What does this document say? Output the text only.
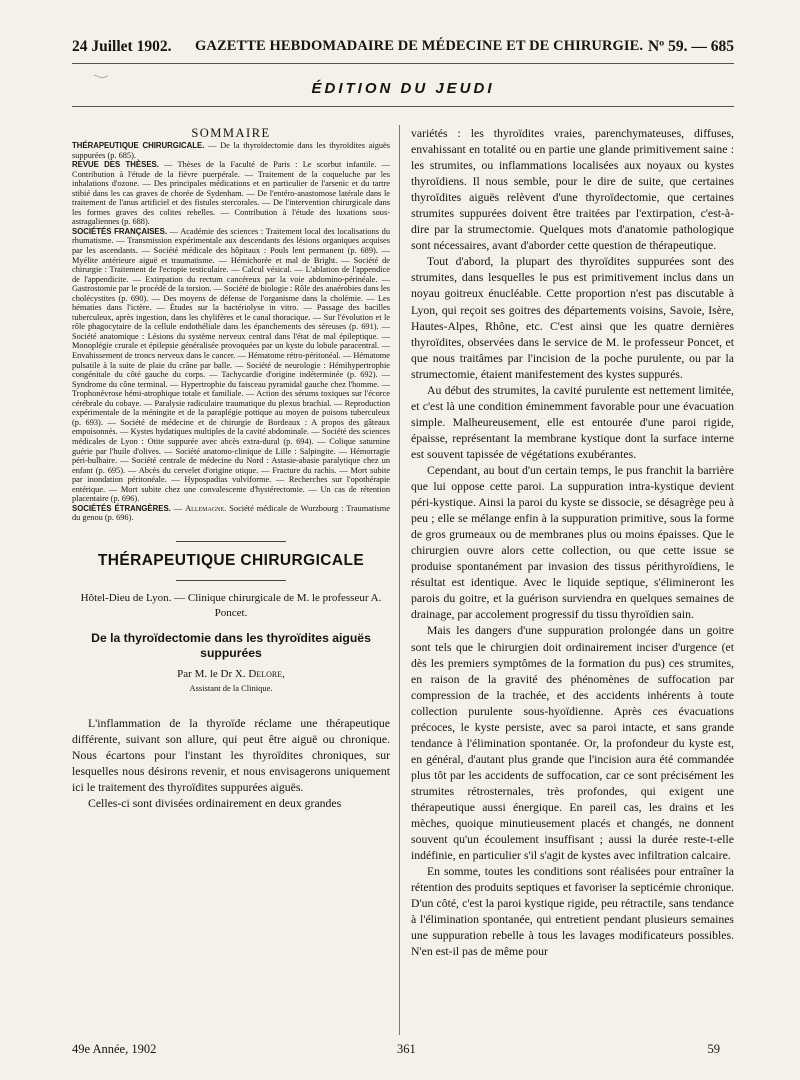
24 Juillet 1902. GAZETTE HEBDOMADAIRE DE MÉDECINE ET DE CHIRURGIE. Nº 59. — 685
ÉDITION DU JEUDI
SOMMAIRE

THÉRAPEUTIQUE CHIRURGICALE. — De la thyroïdectomie dans les thyroïdites aiguës suppurées (p. 685).

REVUE DES THÈSES. — Thèses de la Faculté de Paris : Le scorbut infantile. — Contribution à l'étude de la fièvre puerpérale. — Traitement de la coqueluche par les inhalations d'ozone. — Des principales médications et en particulier de l'arsenic et du tartre stibié dans les cas graves de chorée de Sydenham. — De l'entéro-anastomose latérale dans le traitement de l'anus artificiel et des fistules stercorales. — De l'intervention chirurgicale dans les formes graves des colites rebelles. — Contribution à l'étude des luxations sous-astragaliennes (p. 688).

SOCIÉTÉS FRANÇAISES. — Académie des sciences : Traitement local des localisations du rhumatisme. — Transmission expérimentale aux descendants des lésions organiques acquises par les ascendants. — Société médicale des hôpitaux : Pouls lent permanent (p. 689). — Myélite antérieure aiguë et traumatisme. — Hémichorée et mal de Bright. — Société de chirurgie : Traitement de l'ectopie testiculaire. — Calcul vésical. — L'ablation de l'appendice de l'appendicite. — Extirpation du rectum cancéreux par la voie abdomino-périnéale. — Gastrostomie par le procédé de la torsion. — Société de biologie : Rôle des anaérobies dans les cholécystites (p. 690). — Des moyens de défense de l'organisme dans la cholémie. — Les hématies dans l'ictère. — Études sur la bactériolyse in vitro. — Passage des bacilles tuberculeux, après ingestion, dans les chylifères et le canal thoracique. — Sur l'évolution et le rôle phagocytaire de la cellule endothéliale dans les épanchements des séreuses (p. 691). — Société anatomique : Lésions du système nerveux central dans l'état de mal épileptique. — Monoplégie crurale et épilepsie généralisée provoquées par un kyste du lobule paracentral. — Envahissement de troncs nerveux dans le cancer. — Hématome rétro-péritonéal. — Hématome pulsatile à la suite de plaie du crâne par balle. — Société de neurologie : Hémihypertrophie congénitale du côté gauche du corps. — Tachycardie d'origine indéterminée (p. 692). — Syndrome du cône terminal. — Hypertrophie du faisceau pyramidal gauche chez l'homme. — Trophonévrose hémi-atrophique totale et familiale. — Action des sérums toxiques sur l'écorce cérébrale du cobaye. — Paralysie radiculaire traumatique du plexus brachial. — Reproduction expérimentale de la méningite et de la paraplégie pottique au moyen de poisons tuberculeux (p. 693). — Société de médecine et de chirurgie de Bordeaux : A propos des gâteaux empoisonnés. — Kystes hydatiques multiples de la cavité abdominale. — Société des sciences médicales de Lyon : Otite suppurée avec abcès extra-dural (p. 694). — Colique saturnine guérie par l'huile d'olives. — Société anatomo-clinique de Lille : Salpingite. — Hémorragie péri-bulbaire. — Société centrale de médecine du Nord : Astasie-abasie paralytique chez un enfant (p. 695). — Abcès du cervelet d'origine otique. — Fracture du rachis. — Mort subite par inondation péritonéale. — Hypospadias vulviforme. — Recherches sur l'opothérapie entérique. — Mort subite chez une convalescente d'hystérectomie. — Un cas de rétention placentaire (p. 696).

SOCIÉTÉS ÉTRANGÈRES. — Allemagne. Société médicale de Wurzbourg : Traumatisme du genou (p. 696).

THÉRAPEUTIQUE CHIRURGICALE

Hôtel-Dieu de Lyon. — Clinique chirurgicale de M. le professeur A. Poncet.

De la thyroïdectomie dans les thyroïdites aiguës suppurées

Par M. le Dr X. Delore,

Assistant de la Clinique.

L'inflammation de la thyroïde réclame une thérapeutique différente, suivant son allure, qui peut être aiguë ou chronique. Nous écartons pour l'instant les thyroïdites chroniques, sur lesquelles nous désirons revenir, et nous envisagerons uniquement ici le traitement des thyroïdites suppurées aiguës.

Celles-ci sont divisées ordinairement en deux grandes

variétés : les thyroïdites vraies, parenchymateuses, diffuses, envahissant en totalité ou en partie une glande primitivement saine : les strumites, ou inflammations localisées aux noyaux ou kystes thyroïdiens. Il nous semble, pour le dire de suite, que certaines thyroïdites aiguës relèvent d'une thyroïdectomie, que certaines strumites suppurées doivent être traitées par l'extirpation, c'est-à-dire par la strumectomie. Quelques mots d'anatomie pathologique sont nécessaires, avant d'aborder cette question de thérapeutique.

Tout d'abord, la plupart des thyroïdites suppurées sont des strumites, dans lesquelles le pus est primitivement inclus dans un noyau goitreux énucléable. Cette proportion n'est pas discutable à Lyon, qui reçoit ses goitres des départements voisins, Savoie, Isère, Hautes-Alpes, Rhône, etc. C'est ainsi que les quatre dernières thyroïdites, observées dans le service de M. le professeur Poncet, et que nous traitâmes par l'incision de la poche purulente, ou par la strumectomie, étaient manifestement des kystes suppurés.

Au début des strumites, la cavité purulente est nettement limitée, et c'est là une condition éminemment favorable pour une évacuation simple. Malheureusement, elle est entourée d'une paroi rigide, épaisse, représentant la membrane kystique dont la surface interne est souvent tapissée de végétations exubérantes.

Cependant, au bout d'un certain temps, le pus franchit la barrière que lui oppose cette paroi. La suppuration intra-kystique devient péri-kystique. Ainsi la paroi du kyste se dissocie, se désagrège peu à peu ; elle se mélange enfin à la suppuration primitive, sous la forme de gros grumeaux ou de membranes plus ou moins épaisses. Que le chirurgien ouvre alors cette collection, ou que cette issue se produise spontanément par invasion des tissus périthyroïdiens, le résultat est identique. Avec le liquide septique, s'élimineront les parois du goitre, et la guérison surviendra en quelques semaines de drainage, par accolement progressif du tissu thyroïdien sain.

Mais les dangers d'une suppuration prolongée dans un goitre sont tels que le chirurgien doit ordinairement inciser d'urgence (et dès les premiers symptômes de la formation du pus) ces strumites, en raison de la gravité des phénomènes de suffocation par compression de la trachée, et des accidents inhérents à toute collection purulente sous-hyoïdienne. Après ces évacuations précoces, le kyste persiste, avec sa paroi intacte, et sans grande tendance à l'élimination spontanée. Or, la profondeur du kyste est, en général, d'autant plus grande que l'incision aura été commandée plus tôt par les accidents de suffocation, car ce sont précisément les strumites rétrosternales, très profondes, qui exigent une thérapeutique aussi énergique. En pareil cas, les drains et les mèches, quoique minutieusement placés et changés, ne donnent souvent qu'un écoulement insuffisant ; aussi la durée reste-t-elle indéfinie, en particulier s'il s'agit de kystes avec infiltration calcaire.

En somme, toutes les conditions sont réalisées pour entraîner la rétention des produits septiques et favoriser la septicémie chronique. D'un côté, c'est la paroi kystique rigide, peu rétractile, sans tendance à l'élimination spontanée, qui entretient pendant plusieurs semaines une suppuration rebelle à tous les lavages modificateurs possibles. N'en est-il pas de même pour

49e Année, 1902	361	59
